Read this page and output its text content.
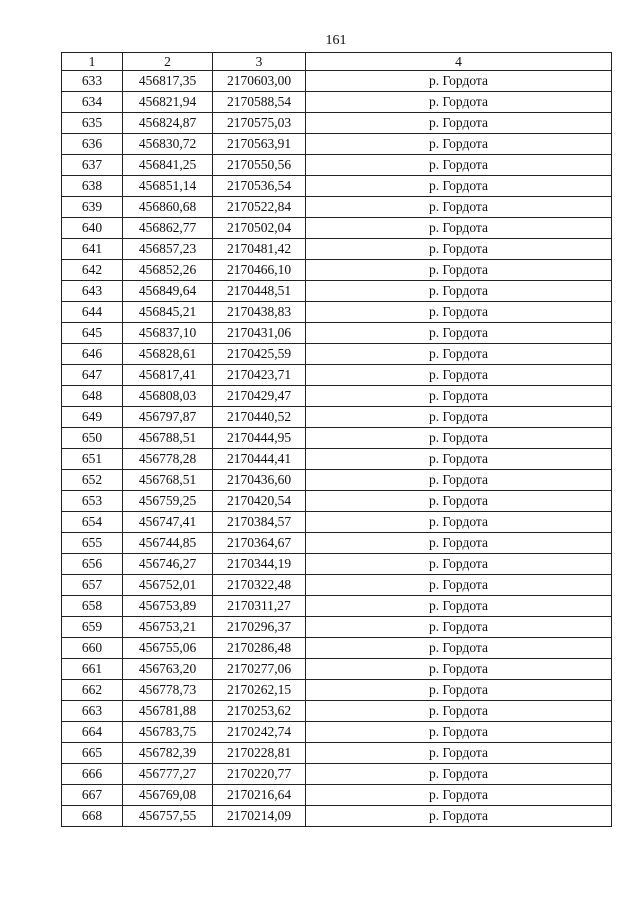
161
1	2	3	4
633	456817,35	2170603,00	р. Гордота
634	456821,94	2170588,54	р. Гордота
635	456824,87	2170575,03	р. Гордота
636	456830,72	2170563,91	р. Гордота
637	456841,25	2170550,56	р. Гордота
638	456851,14	2170536,54	р. Гордота
639	456860,68	2170522,84	р. Гордота
640	456862,77	2170502,04	р. Гордота
641	456857,23	2170481,42	р. Гордота
642	456852,26	2170466,10	р. Гордота
643	456849,64	2170448,51	р. Гордота
644	456845,21	2170438,83	р. Гордота
645	456837,10	2170431,06	р. Гордота
646	456828,61	2170425,59	р. Гордота
647	456817,41	2170423,71	р. Гордота
648	456808,03	2170429,47	р. Гордота
649	456797,87	2170440,52	р. Гордота
650	456788,51	2170444,95	р. Гордота
651	456778,28	2170444,41	р. Гордота
652	456768,51	2170436,60	р. Гордота
653	456759,25	2170420,54	р. Гордота
654	456747,41	2170384,57	р. Гордота
655	456744,85	2170364,67	р. Гордота
656	456746,27	2170344,19	р. Гордота
657	456752,01	2170322,48	р. Гордота
658	456753,89	2170311,27	р. Гордота
659	456753,21	2170296,37	р. Гордота
660	456755,06	2170286,48	р. Гордота
661	456763,20	2170277,06	р. Гордота
662	456778,73	2170262,15	р. Гордота
663	456781,88	2170253,62	р. Гордота
664	456783,75	2170242,74	р. Гордота
665	456782,39	2170228,81	р. Гордота
666	456777,27	2170220,77	р. Гордота
667	456769,08	2170216,64	р. Гордота
668	456757,55	2170214,09	р. Гордота
